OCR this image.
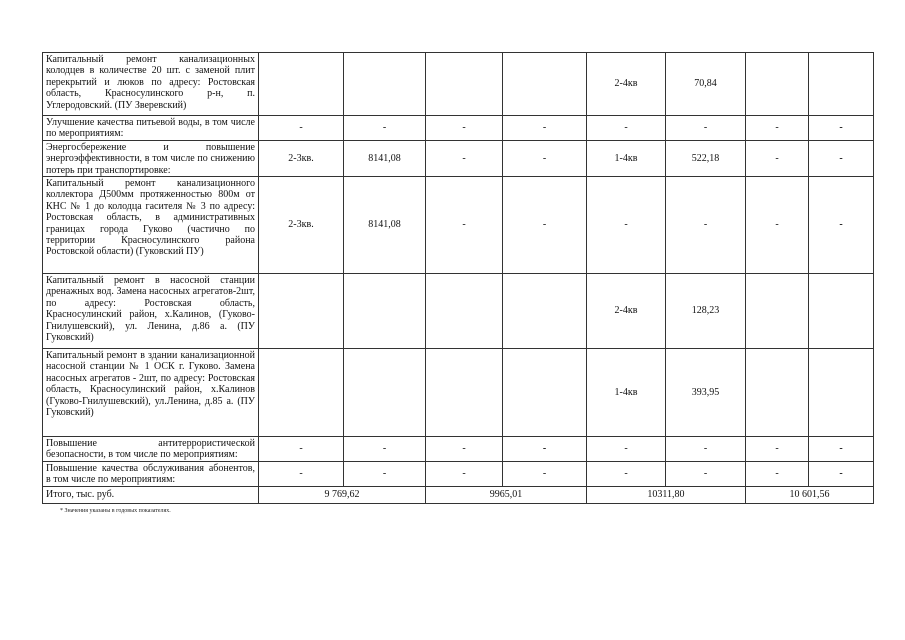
Капитальный ремонт канализационных колодцев в количестве 20 шт. с заменой плит перекрытий и люков по адресу: Ростовская область, Красносулинского р-н, п. Углеродовский. (ПУ Зверевский)					2-4кв	70,84		

Улучшение качества питьевой воды, в том числе по мероприятиям:	-	-	-	-	-	-	-	-

Энергосбережение и повышение энергоэффективности, в том числе по снижению потерь при транспортировке:	2-3кв.	8141,08	-	-	1-4кв	522,18	-	-

Капитальный ремонт канализационного коллектора Д500мм протяженностью 800м от КНС № 1 до колодца гасителя № 3 по адресу: Ростовская область, в административных границах города Гуково (частично по территории Красносулинского района Ростовской области) (Гуковский ПУ)	2-3кв.	8141,08	-	-	-	-	-	-

Капитальный ремонт в насосной станции дренажных вод. Замена насосных агрегатов-2шт, по адресу: Ростовская область, Красносулинский район, х.Калинов, (Гуково-Гнилушевский), ул. Ленина, д.86 а. (ПУ Гуковский)					2-4кв	128,23		

Капитальный ремонт в здании канализационной насосной станции № 1 ОСК г. Гуково. Замена насосных агрегатов - 2шт, по адресу: Ростовская область, Красносулинский район, х.Калинов (Гуково-Гнилушевский), ул.Ленина, д.85 а. (ПУ Гуковский)					1-4кв	393,95		

Повышение антитеррористической безопасности, в том числе по мероприятиям:	-	-	-	-	-	-	-	-

Повышение качества обслуживания абонентов, в том числе по мероприятиям:	-	-	-	-	-	-	-	-
Итого, тыс. руб.	9 769,62		9965,01		10311,80		10 601,56	
* Значения указаны в годовых показателях.
